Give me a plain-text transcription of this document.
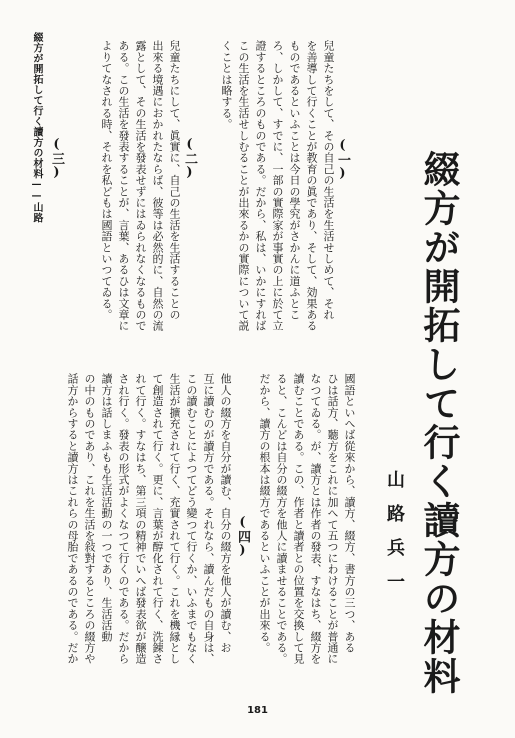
綴方が開拓して行く讀方の材料——山路
綴方が開拓して行く讀方の材料
山路兵一
(一)
兒童たちをして、その自己の生活を生活せしめて、それ
を善導して行くことが教育の眞であり、そして、効果ある
ものであるといふことは今日の學究がさかんに道ふとこ
ろ、しかして、すでに、一部の實際家が事實の上に於て立
證するところのものである。だから、私は、いかにすれば
この生活を生活せしむることが出來るかの實際について説
くことは略する。
(二)
兒童たちにして、眞實に、自己の生活を生活することの
出來る境遇におかれたならば、彼等は必然的に、自然の流
露として、その生活を發表せずにはゐられなくなるもので
ある。この生活を發表することが、言葉、あるひは文章に
よりてなされる時、それを私どもは國語といつてゐる。
(三)
國語といへば從來から、讀方、綴方、書方の三つ、ある
ひは話方、聽方をこれに加へて五つにわけることが普通に
なつてゐる。が、讀方とは作者の發表、すなはち、綴方を
讀むことである。この、作者と讀者との位置を交換して見
ると、こんどは自分の綴方を他人に讀ませることである。
だから、讀方の根本は綴方であるといふことが出來る。
(四)
他人の綴方を自分が讀む、自分の綴方を他人が讀む、お
互に讀むのが讀方である。それなら、讀んだもの自身は、
この讀むことによつてどう變つて行くか、いふまでもなく
生活が擴充されて行く、充實されて行く。これを機縁とし
て創造されて行く。更に、言葉が醇化されて行く、洗錬さ
れて行く。すなはち、第三項の精神でいへば發表欲が醸造
され行く。發表の形式がよくなつて行くのである。だから
讀方は話しまふもも生活活動の一つであり、生活活動
の中のものであり、これを生活を敍對するところの綴方や
話方からすると讀方はこれらの母胎であるのである。だか
181
